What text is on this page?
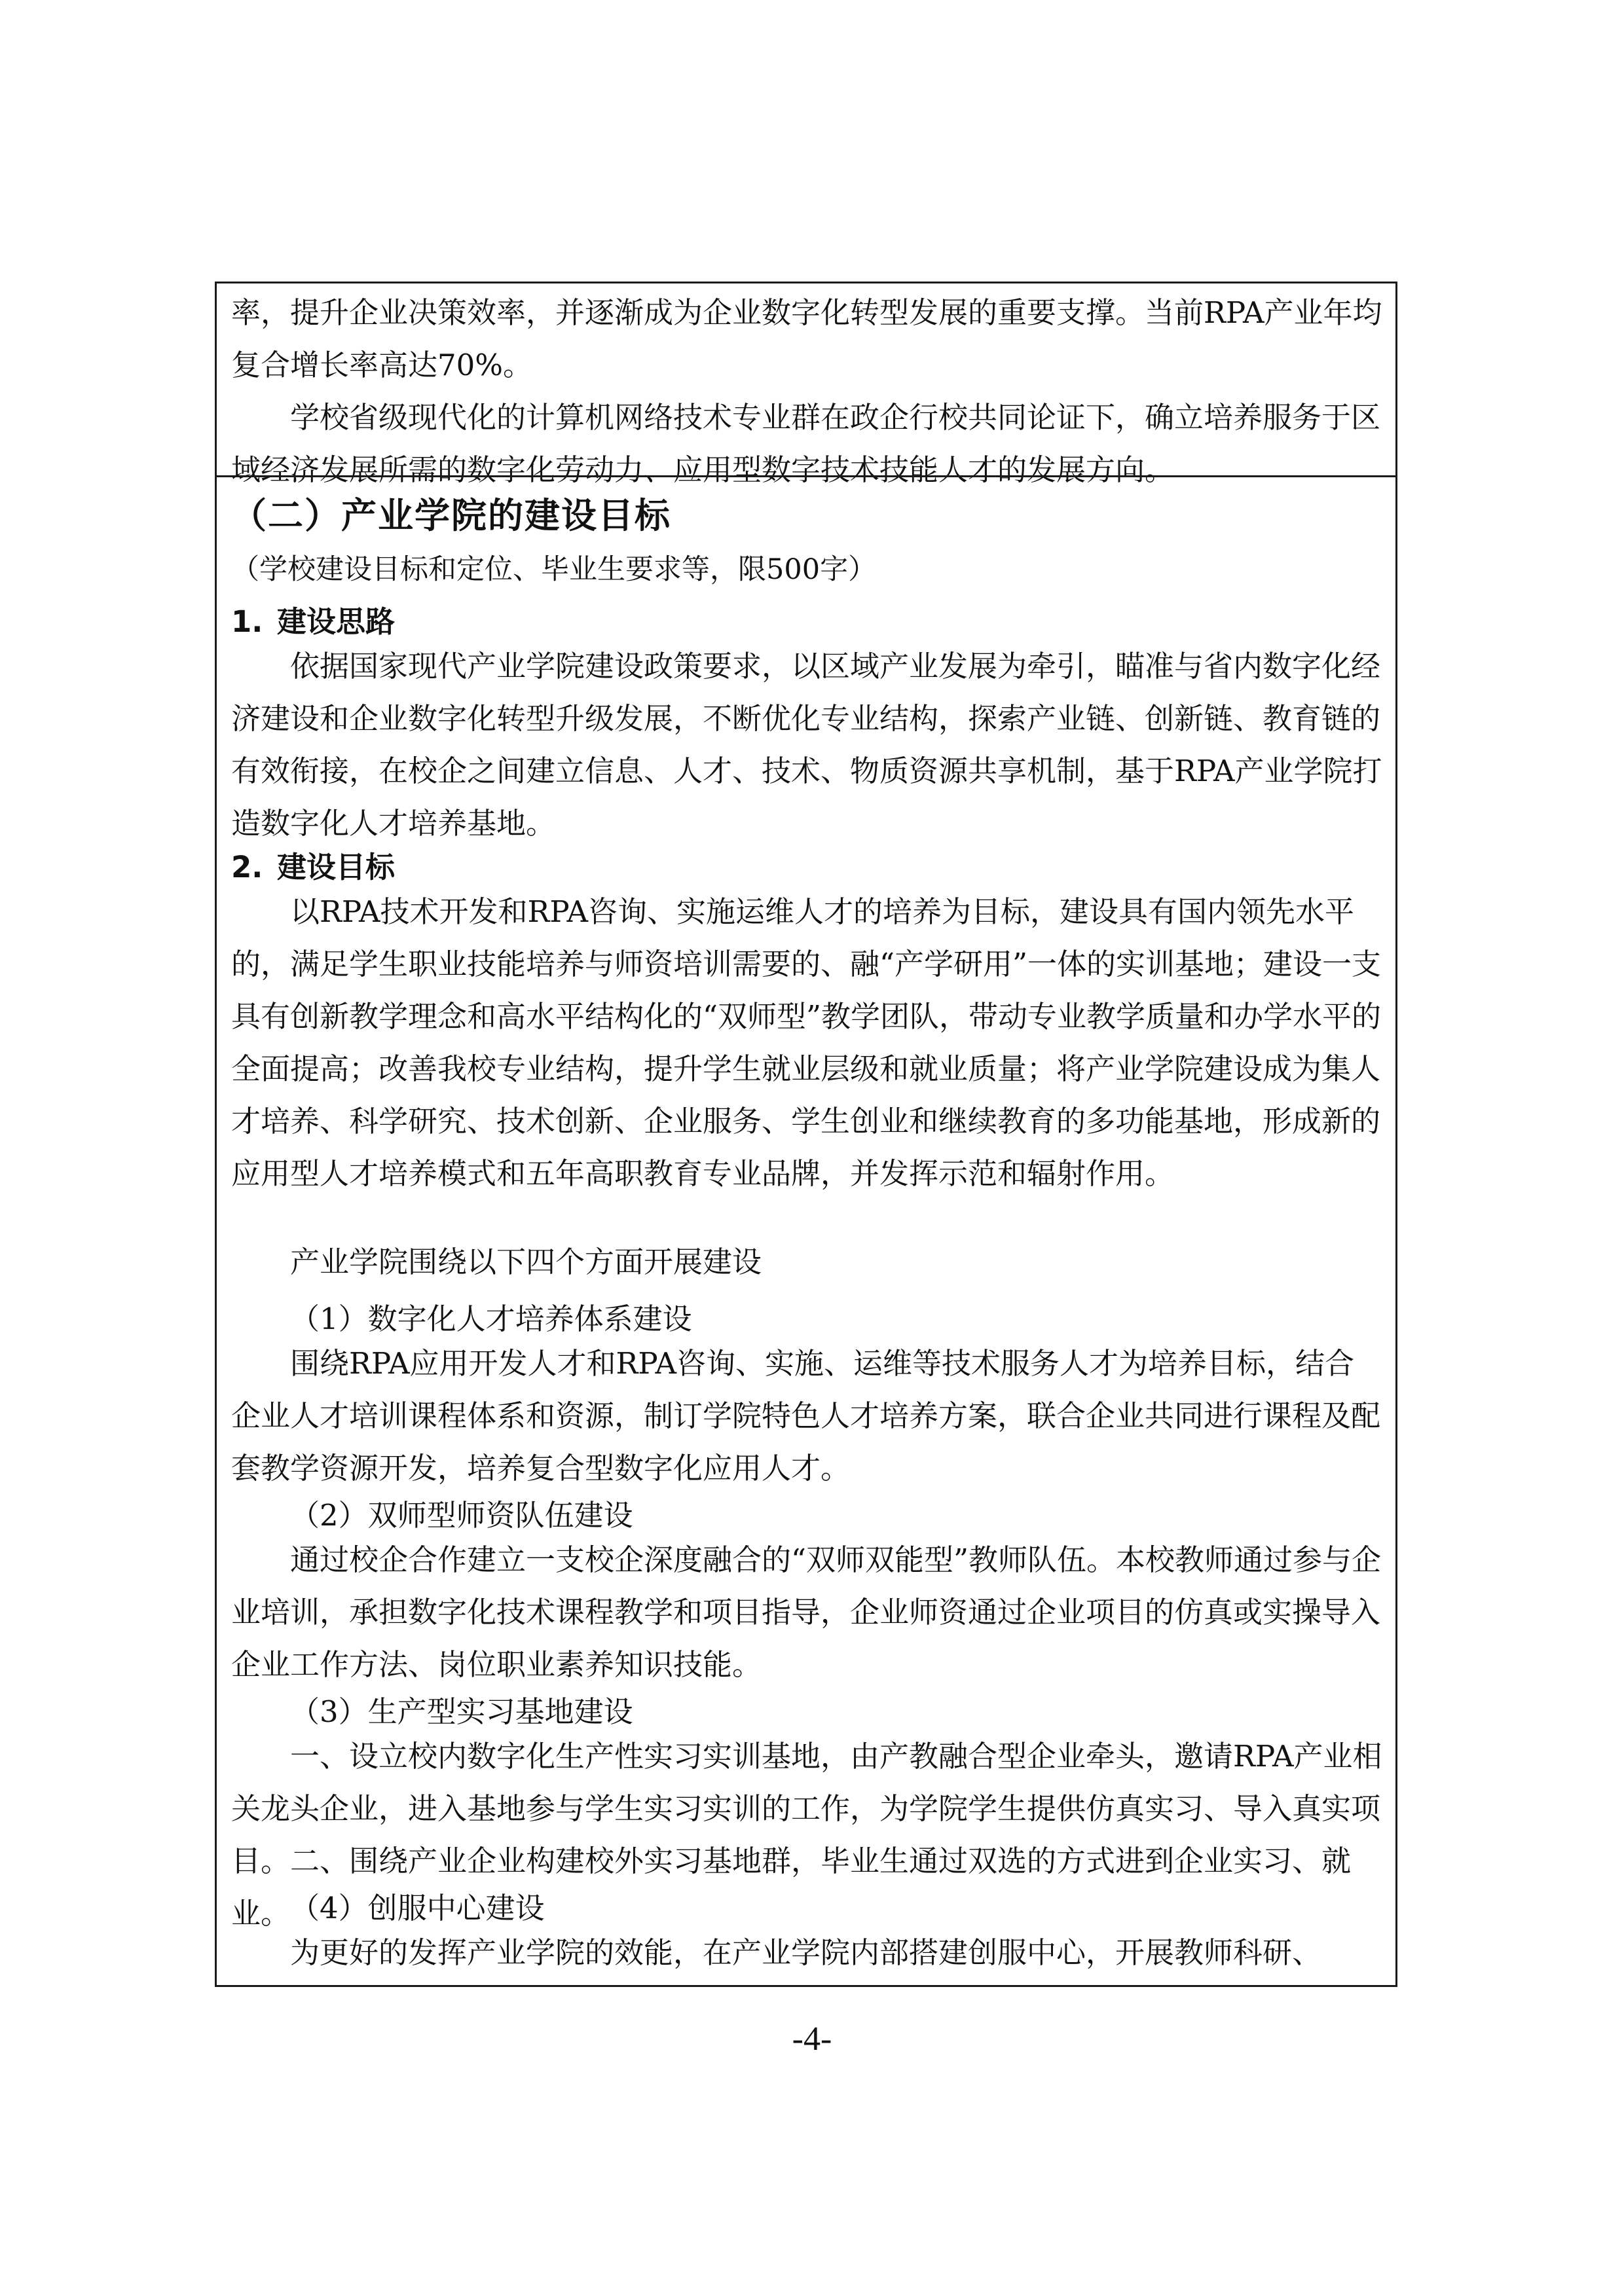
率，提升企业决策效率，并逐渐成为企业数字化转型发展的重要支撑。当前RPA产业年均复合增长率高达70%。
学校省级现代化的计算机网络技术专业群在政企行校共同论证下，确立培养服务于区域经济发展所需的数字化劳动力、应用型数字技术技能人才的发展方向。
（二）产业学院的建设目标
（学校建设目标和定位、毕业生要求等，限500字）
1. 建设思路
依据国家现代产业学院建设政策要求，以区域产业发展为牵引，瞄准与省内数字化经济建设和企业数字化转型升级发展，不断优化专业结构，探索产业链、创新链、教育链的有效衔接，在校企之间建立信息、人才、技术、物质资源共享机制，基于RPA产业学院打造数字化人才培养基地。
2. 建设目标
以RPA技术开发和RPA咨询、实施运维人才的培养为目标，建设具有国内领先水平的，满足学生职业技能培养与师资培训需要的、融“产学研用”一体的实训基地；建设一支具有创新教学理念和高水平结构化的“双师型”教学团队，带动专业教学质量和办学水平的全面提高；改善我校专业结构，提升学生就业层级和就业质量；将产业学院建设成为集人才培养、科学研究、技术创新、企业服务、学生创业和继续教育的多功能基地，形成新的应用型人才培养模式和五年高职教育专业品牌，并发挥示范和辐射作用。
产业学院围绕以下四个方面开展建设
（1）数字化人才培养体系建设
围绕RPA应用开发人才和RPA咨询、实施、运维等技术服务人才为培养目标，结合企业人才培训课程体系和资源，制订学院特色人才培养方案，联合企业共同进行课程及配套教学资源开发，培养复合型数字化应用人才。
（2）双师型师资队伍建设
通过校企合作建立一支校企深度融合的“双师双能型”教师队伍。本校教师通过参与企业培训，承担数字化技术课程教学和项目指导，企业师资通过企业项目的仿真或实操导入企业工作方法、岗位职业素养知识技能。
（3）生产型实习基地建设
一、设立校内数字化生产性实习实训基地，由产教融合型企业牵头，邀请RPA产业相关龙头企业，进入基地参与学生实习实训的工作，为学院学生提供仿真实习、导入真实项目。二、围绕产业企业构建校外实习基地群，毕业生通过双选的方式进到企业实习、就业。 （4）创服中心建设
为更好的发挥产业学院的效能，在产业学院内部搭建创服中心，开展教师科研、
-4-
